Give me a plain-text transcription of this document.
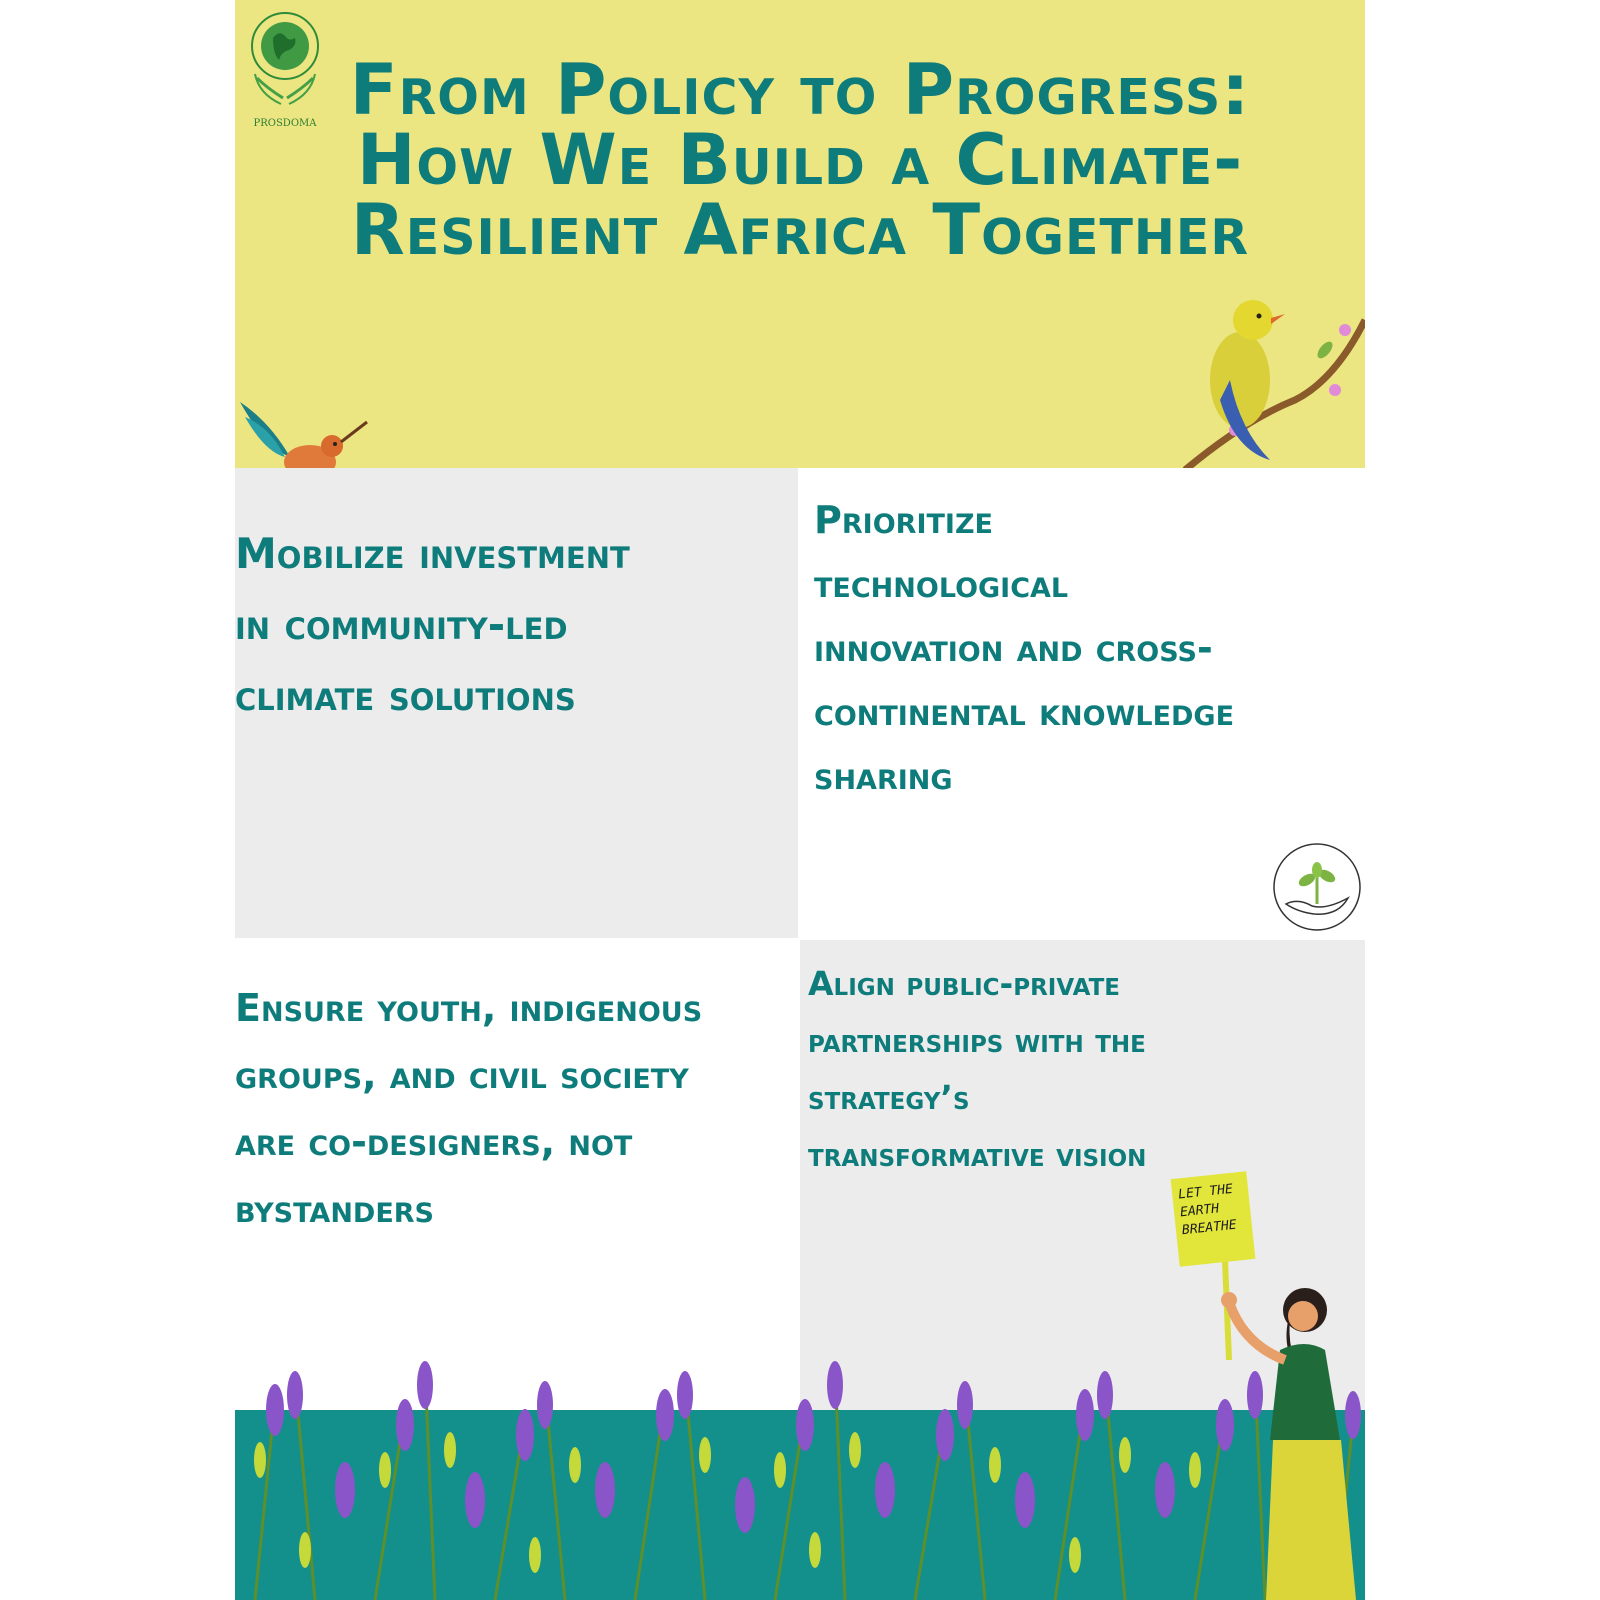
PROSDOMA From Policy to Progress: How We Build a Climate-Resilient Africa Together

Mobilize investment in community-led climate solutions

Prioritize technological innovation and cross-continental knowledge sharing

Ensure youth, indigenous groups, and civil society are co-designers, not bystanders

Align public-private partnerships with the strategy’s transformative vision

LET THE EARTH BREATHE
